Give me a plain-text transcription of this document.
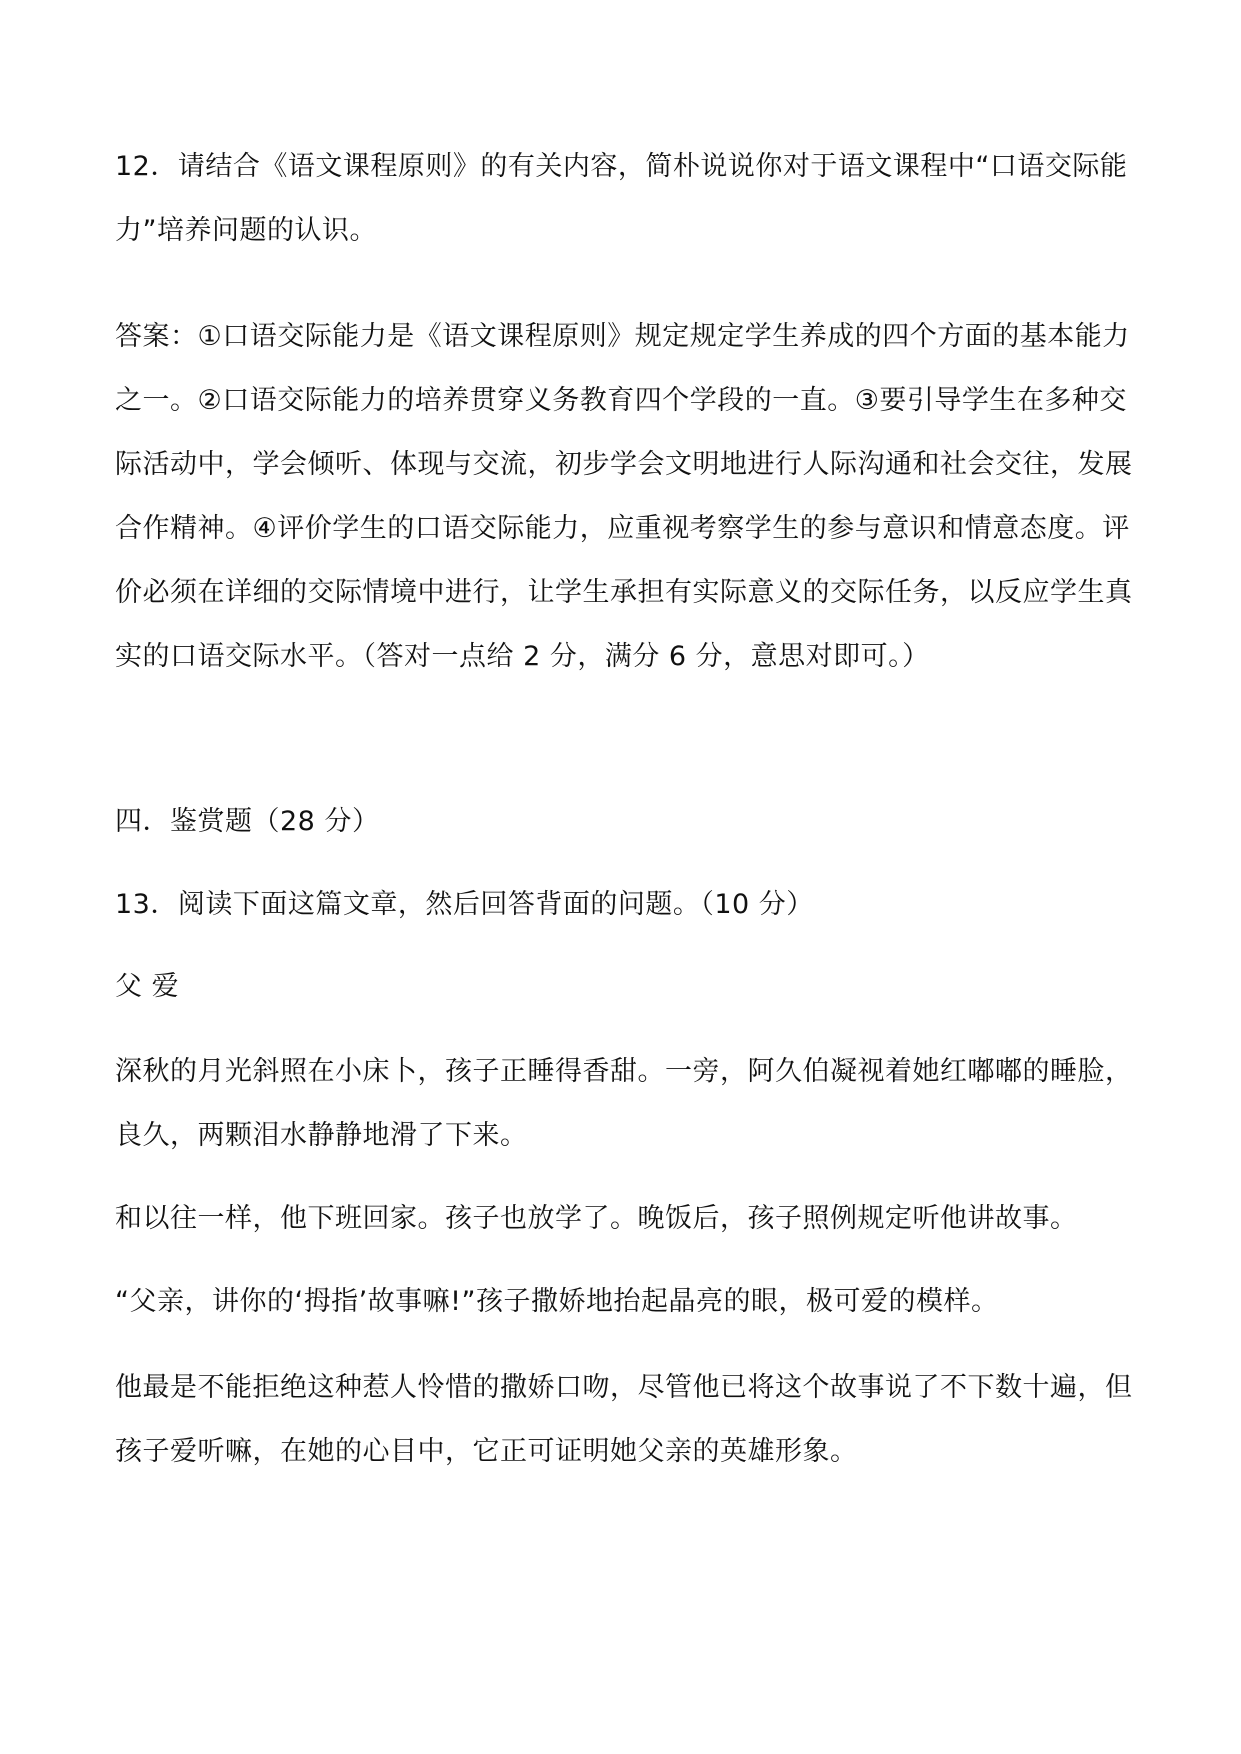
12．请结合《语文课程原则》的有关内容，简朴说说你对于语文课程中“口语交际能力”培养问题的认识。

答案：①口语交际能力是《语文课程原则》规定规定学生养成的四个方面的基本能力之一。②口语交际能力的培养贯穿义务教育四个学段的一直。③要引导学生在多种交际活动中，学会倾听、体现与交流，初步学会文明地进行人际沟通和社会交往，发展合作精神。④评价学生的口语交际能力，应重视考察学生的参与意识和情意态度。评价必须在详细的交际情境中进行，让学生承担有实际意义的交际任务，以反应学生真实的口语交际水平。（答对一点给 2 分，满分 6 分，意思对即可。）

四．鉴赏题（28 分）

13．阅读下面这篇文章，然后回答背面的问题。（10 分）

父 爱

深秋的月光斜照在小床卜，孩子正睡得香甜。一旁，阿久伯凝视着她红嘟嘟的睡脸，良久，两颗泪水静静地滑了下来。

和以往一样，他下班回家。孩子也放学了。晚饭后，孩子照例规定听他讲故事。

“父亲，讲你的‘拇指’故事嘛!”孩子撒娇地抬起晶亮的眼，极可爱的模样。

他最是不能拒绝这种惹人怜惜的撒娇口吻，尽管他已将这个故事说了不下数十遍，但孩子爱听嘛，在她的心目中，它正可证明她父亲的英雄形象。
